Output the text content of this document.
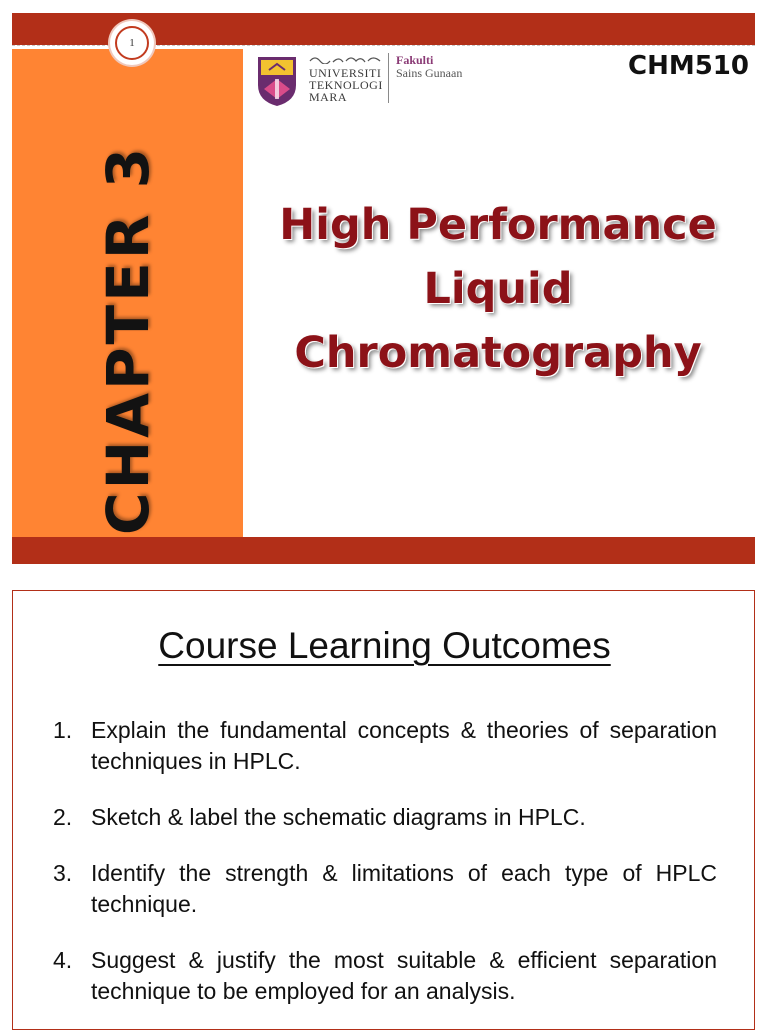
CHAPTER 3
1
UNIVERSITI
TEKNOLOGI
MARA
Fakulti
Sains Gunaan	CHM510
High Performance
Liquid
Chromatography
Course Learning Outcomes
1. Explain the fundamental concepts & theories of separation techniques in HPLC.
2. Sketch & label the schematic diagrams in HPLC.
3. Identify the strength & limitations of each type of HPLC technique.
4. Suggest & justify the most suitable & efficient separation technique to be employed for an analysis.
